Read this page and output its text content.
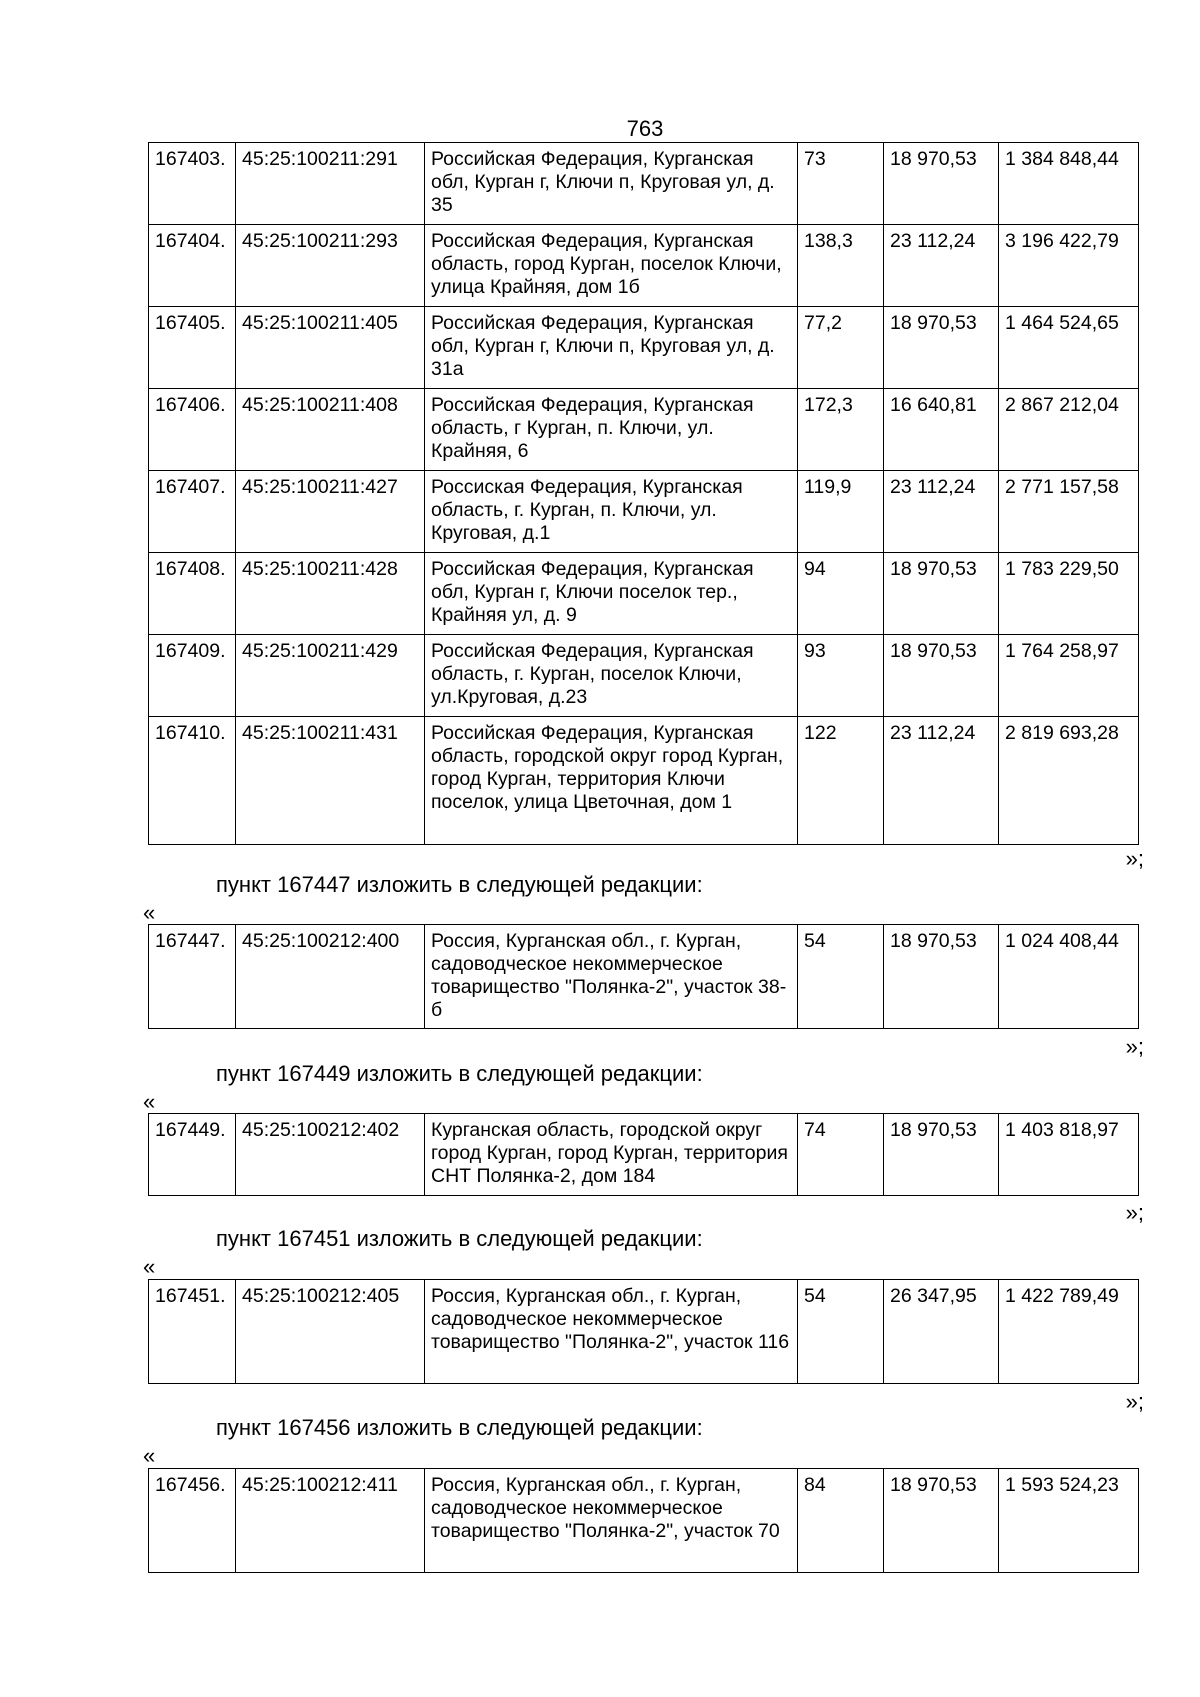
763
167403.	45:25:100211:291	Российская Федерация, Курганская обл, Курган г, Ключи п, Круговая ул, д. 35	73	18 970,53	1 384 848,44
167404.	45:25:100211:293	Российская Федерация, Курганская область, город Курган, поселок Ключи, улица Крайняя, дом 1б	138,3	23 112,24	3 196 422,79
167405.	45:25:100211:405	Российская Федерация, Курганская обл, Курган г, Ключи п, Круговая ул, д. 31а	77,2	18 970,53	1 464 524,65
167406.	45:25:100211:408	Российская Федерация, Курганская область, г Курган, п. Ключи, ул. Крайняя, 6	172,3	16 640,81	2 867 212,04
167407.	45:25:100211:427	Россиская Федерация, Курганская область, г. Курган, п. Ключи, ул. Круговая, д.1	119,9	23 112,24	2 771 157,58
167408.	45:25:100211:428	Российская Федерация, Курганская обл, Курган г, Ключи поселок тер., Крайняя ул, д. 9	94	18 970,53	1 783 229,50
167409.	45:25:100211:429	Российская Федерация, Курганская область, г. Курган, поселок Ключи, ул.Круговая, д.23	93	18 970,53	1 764 258,97
167410.	45:25:100211:431	Российская Федерация, Курганская область, городской округ город Курган, город Курган, территория Ключи поселок, улица Цветочная, дом 1	122	23 112,24	2 819 693,28
»;
пункт 167447 изложить в следующей редакции:
«
167447.	45:25:100212:400	Россия, Курганская обл., г. Курган, садоводческое некоммерческое товарищество "Полянка-2", участок 38-б	54	18 970,53	1 024 408,44
»;
пункт 167449 изложить в следующей редакции:
«
167449.	45:25:100212:402	Курганская область, городской округ город Курган, город Курган, территория СНТ Полянка-2, дом 184	74	18 970,53	1 403 818,97
»;
пункт 167451 изложить в следующей редакции:
«
167451.	45:25:100212:405	Россия, Курганская обл., г. Курган, садоводческое некоммерческое товарищество "Полянка-2", участок 116	54	26 347,95	1 422 789,49
»;
пункт 167456 изложить в следующей редакции:
«
167456.	45:25:100212:411	Россия, Курганская обл., г. Курган, садоводческое некоммерческое товарищество "Полянка-2", участок 70	84	18 970,53	1 593 524,23
